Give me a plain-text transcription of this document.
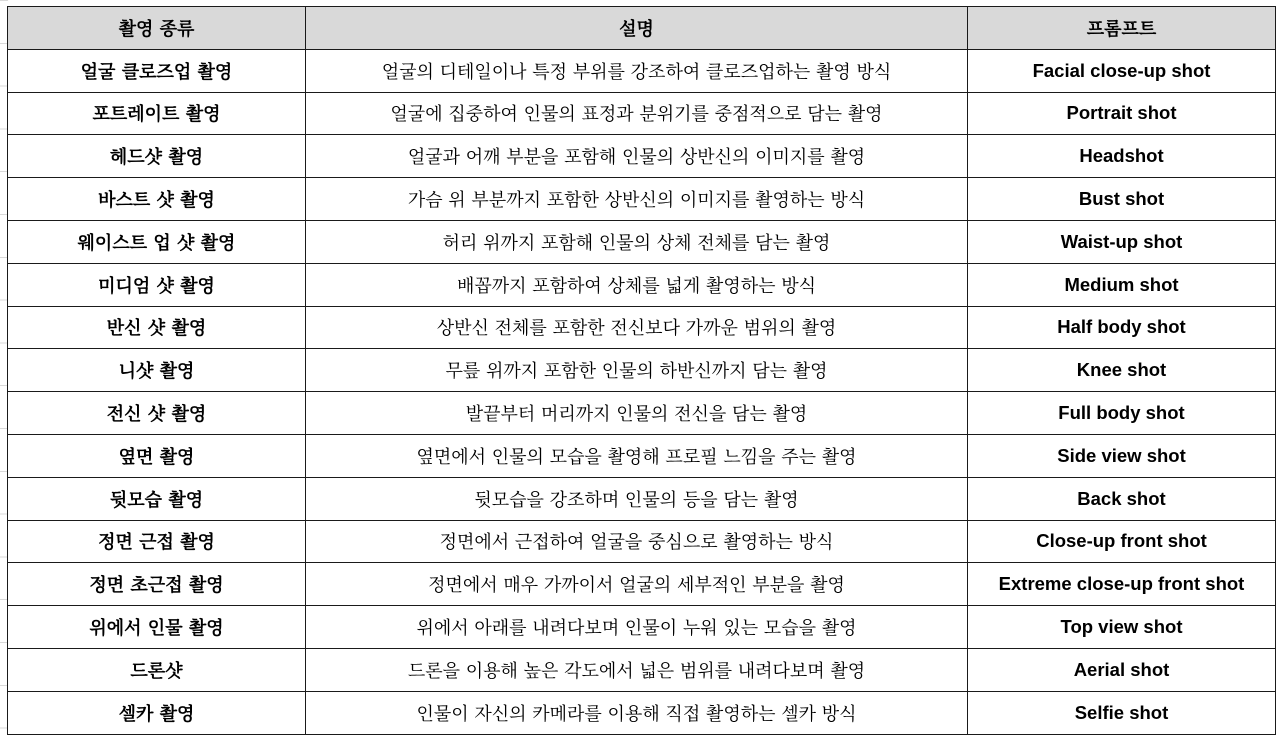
촬영 종류	설명	프롬프트
얼굴 클로즈업 촬영	얼굴의 디테일이나 특정 부위를 강조하여 클로즈업하는 촬영 방식	Facial close-up shot
포트레이트 촬영	얼굴에 집중하여 인물의 표정과 분위기를 중점적으로 담는 촬영	Portrait shot
헤드샷 촬영	얼굴과 어깨 부분을 포함해 인물의 상반신의 이미지를 촬영	Headshot
바스트 샷 촬영	가슴 위 부분까지 포함한 상반신의 이미지를 촬영하는 방식	Bust shot
웨이스트 업 샷 촬영	허리 위까지 포함해 인물의 상체 전체를 담는 촬영	Waist-up shot
미디엄 샷 촬영	배꼽까지 포함하여 상체를 넓게 촬영하는 방식	Medium shot
반신 샷 촬영	상반신 전체를 포함한 전신보다 가까운 범위의 촬영	Half body shot
니샷 촬영	무릎 위까지 포함한 인물의 하반신까지 담는 촬영	Knee shot
전신 샷 촬영	발끝부터 머리까지 인물의 전신을 담는 촬영	Full body shot
옆면 촬영	옆면에서 인물의 모습을 촬영해 프로필 느낌을 주는 촬영	Side view shot
뒷모습 촬영	뒷모습을 강조하며 인물의 등을 담는 촬영	Back shot
정면 근접 촬영	정면에서 근접하여 얼굴을 중심으로 촬영하는 방식	Close-up front shot
정면 초근접 촬영	정면에서 매우 가까이서 얼굴의 세부적인 부분을 촬영	Extreme close-up front shot
위에서 인물 촬영	위에서 아래를 내려다보며 인물이 누워 있는 모습을 촬영	Top view shot
드론샷	드론을 이용해 높은 각도에서 넓은 범위를 내려다보며 촬영	Aerial shot
셀카 촬영	인물이 자신의 카메라를 이용해 직접 촬영하는 셀카 방식	Selfie shot
